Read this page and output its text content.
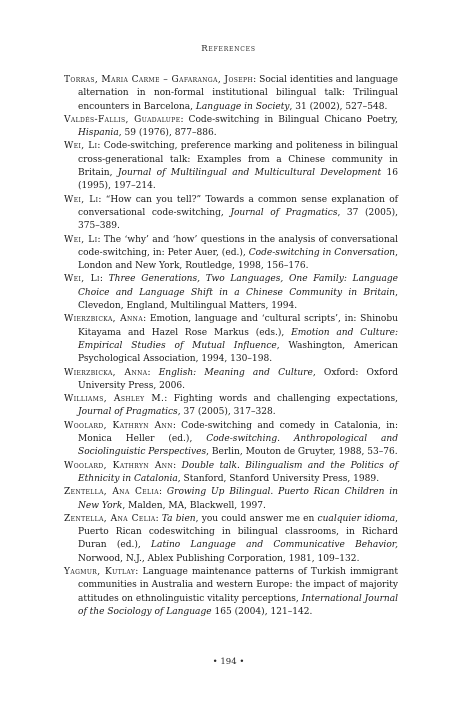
References

Torras, Maria Carme – Gafaranga, Joseph: Social identities and language alternation in non-formal institutional bilingual talk: Trilingual encounters in Barcelona, Language in Society, 31 (2002), 527–548.

Valdés-Fallis, Guadalupe: Code-switching in Bilingual Chicano Poetry, Hispania, 59 (1976), 877–886.

Wei, Li: Code-switching, preference marking and politeness in bilingual cross-generational talk: Examples from a Chinese community in Britain, Journal of Multilingual and Multicultural Development 16 (1995), 197–214.

Wei, Li: “How can you tell?” Towards a common sense explanation of conversational code-switching, Journal of Pragmatics, 37 (2005), 375–389.

Wei, Li: The ‘why’ and ‘how’ questions in the analysis of conversational code-switching, in: Peter Auer, (ed.), Code-switching in Conversation, London and New York, Routledge, 1998, 156–176.

Wei, Li: Three Generations, Two Languages, One Family: Language Choice and Language Shift in a Chinese Community in Britain, Clevedon, England, Multilingual Matters, 1994.

Wierzbicka, Anna: Emotion, language and ‘cultural scripts’, in: Shinobu Kitayama and Hazel Rose Markus (eds.), Emotion and Culture: Empirical Studies of Mutual Influence, Washington, American Psychological Association, 1994, 130–198.

Wierzbicka, Anna: English: Meaning and Culture, Oxford: Oxford University Press, 2006.

Williams, Ashley M.: Fighting words and challenging expectations, Journal of Pragmatics, 37 (2005), 317–328.

Woolard, Kathryn Ann: Code-switching and comedy in Catalonia, in: Monica Heller (ed.), Code-switching. Anthropological and Sociolinguistic Perspectives, Berlin, Mouton de Gruyter, 1988, 53–76.

Woolard, Kathryn Ann: Double talk. Bilingualism and the Politics of Ethnicity in Catalonia, Stanford, Stanford University Press, 1989.

Zentella, Ana Celia: Growing Up Bilingual. Puerto Rican Children in New York, Malden, MA, Blackwell, 1997.

Zentella, Ana Celia: Ta bien, you could answer me en cualquier idioma, Puerto Rican codeswitching in bilingual classrooms, in Richard Duran (ed.), Latino Language and Communicative Behavior, Norwood, N.J., Ablex Publishing Corporation, 1981, 109–132.

Yagmur, Kutlay: Language maintenance patterns of Turkish immigrant communities in Australia and western Europe: the impact of majority attitudes on ethnolinguistic vitality perceptions, International Journal of the Sociology of Language 165 (2004), 121–142.

• 194 •
